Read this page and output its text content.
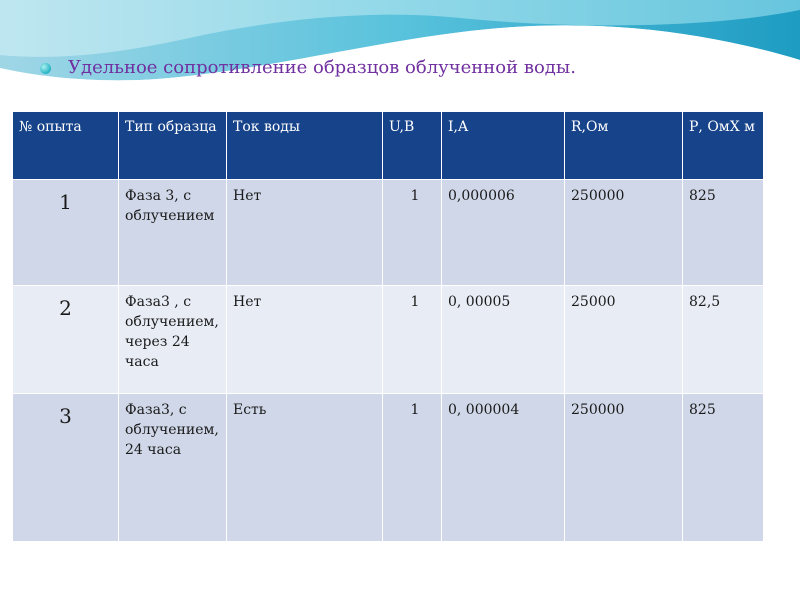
Удельное сопротивление образцов облученной воды.
№ опыта	Тип образца	Ток воды	U,B	I,A	R,Ом	Р, ОмХ м
1	Фаза 3, с облучением	Нет	1	0,000006	250000	825
2	Фаза3 , с облучением, через 24 часа	Нет	1	0, 00005	25000	82,5
3	Фаза3, с облучением, 24 часа	Есть	1	0, 000004	250000	825
